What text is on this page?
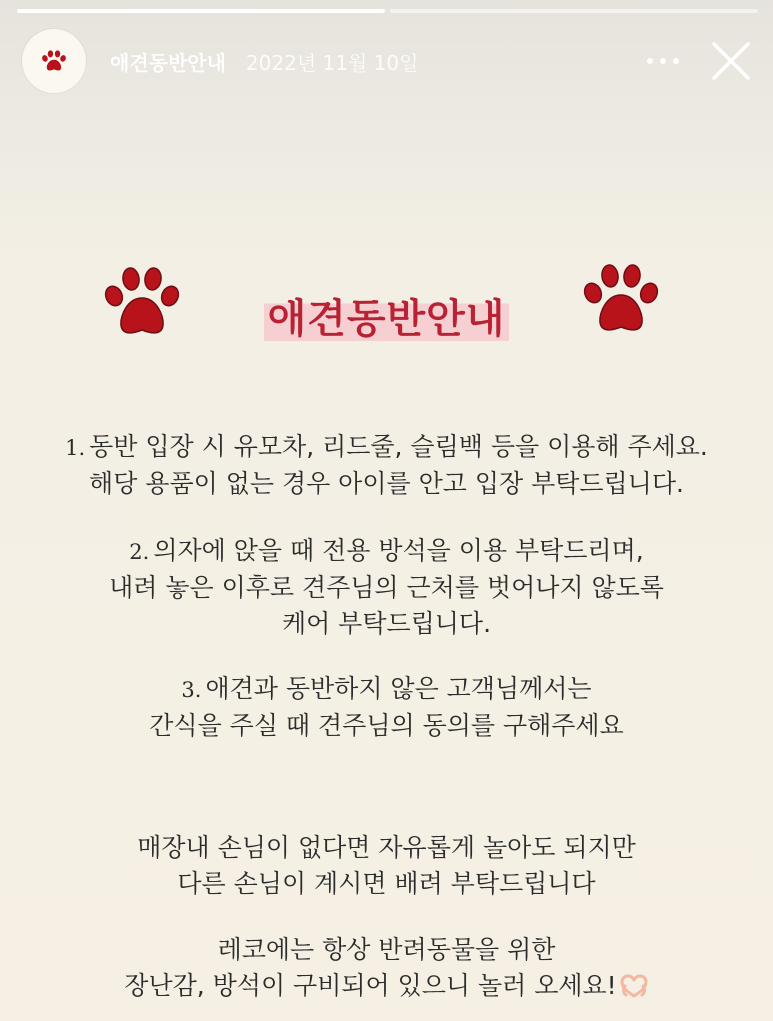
애견동반안내 2022년 11월 10일
애견동반안내
1. 동반 입장 시 유모차, 리드줄, 슬림백 등을 이용해 주세요.
해당 용품이 없는 경우 아이를 안고 입장 부탁드립니다.
2. 의자에 앉을 때 전용 방석을 이용 부탁드리며,
내려 놓은 이후로 견주님의 근처를 벗어나지 않도록
케어 부탁드립니다.
3. 애견과 동반하지 않은 고객님께서는
간식을 주실 때 견주님의 동의를 구해주세요
매장내 손님이 없다면 자유롭게 놀아도 되지만
다른 손님이 계시면 배려 부탁드립니다
레코에는 항상 반려동물을 위한
장난감, 방석이 구비되어 있으니 놀러 오세요!
